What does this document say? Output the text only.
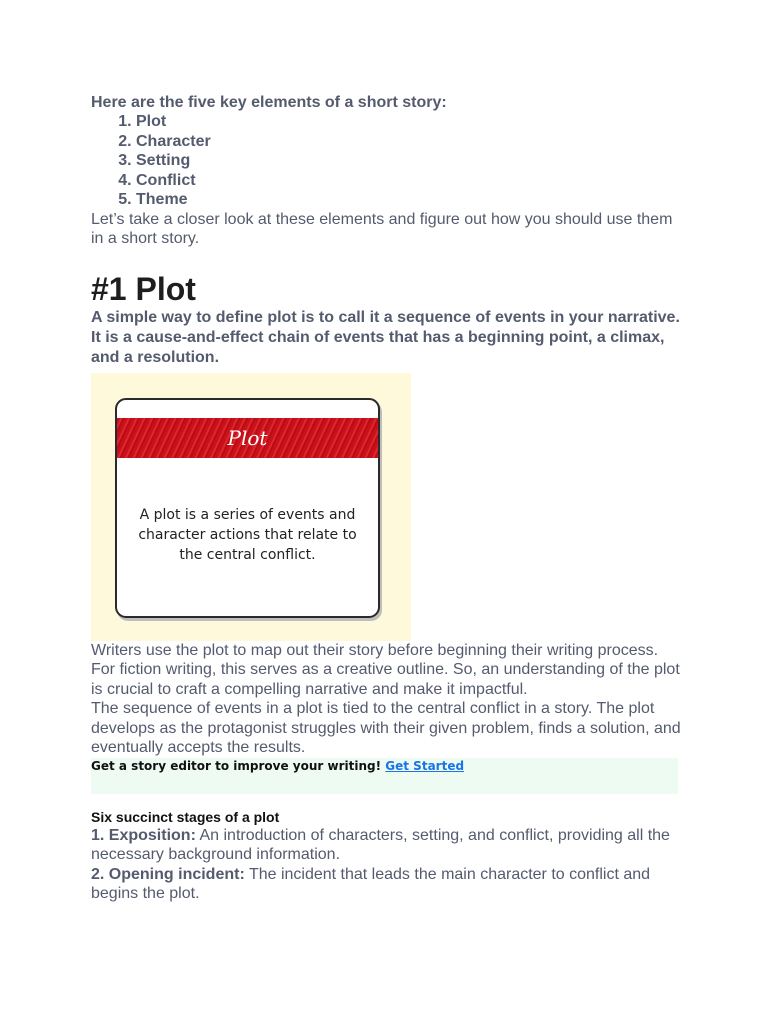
Here are the five key elements of a short story:
1. Plot
2. Character
3. Setting
4. Conflict
5. Theme

Let’s take a closer look at these elements and figure out how you should use them in a short story.

#1 Plot

A simple way to define plot is to call it a sequence of events in your narrative. It is a cause-and-effect chain of events that has a beginning point, a climax, and a resolution.

Plot
A plot is a series of events and character actions that relate to the central conflict.

Writers use the plot to map out their story before beginning their writing process. For fiction writing, this serves as a creative outline. So, an understanding of the plot is crucial to craft a compelling narrative and make it impactful.

The sequence of events in a plot is tied to the central conflict in a story. The plot develops as the protagonist struggles with their given problem, finds a solution, and eventually accepts the results.

Get a story editor to improve your writing! Get Started
Six succinct stages of a plot
1. Exposition: An introduction of characters, setting, and conflict, providing all the necessary background information.
2. Opening incident: The incident that leads the main character to conflict and begins the plot.
